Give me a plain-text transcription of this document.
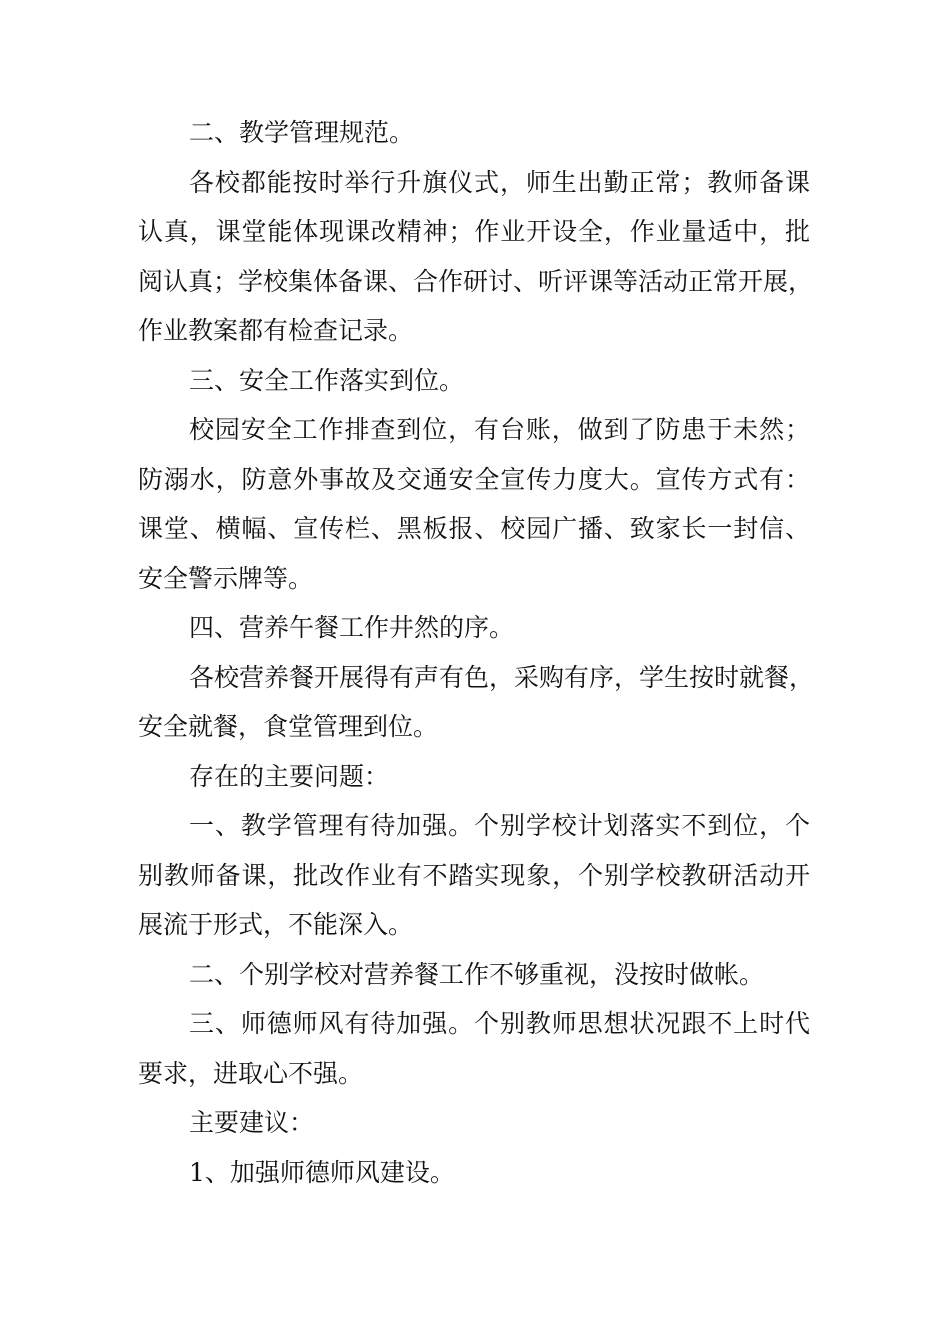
二、教学管理规范。
各校都能按时举行升旗仪式，师生出勤正常；教师备课
认真，课堂能体现课改精神；作业开设全，作业量适中，批
阅认真；学校集体备课、合作研讨、听评课等活动正常开展，
作业教案都有检查记录。
三、安全工作落实到位。
校园安全工作排查到位，有台账，做到了防患于未然；
防溺水，防意外事故及交通安全宣传力度大。宣传方式有：
课堂、横幅、宣传栏、黑板报、校园广播、致家长一封信、
安全警示牌等。
四、营养午餐工作井然的序。
各校营养餐开展得有声有色，采购有序，学生按时就餐，
安全就餐，食堂管理到位。
存在的主要问题：
一、教学管理有待加强。个别学校计划落实不到位，个
别教师备课，批改作业有不踏实现象，个别学校教研活动开
展流于形式，不能深入。
二、个别学校对营养餐工作不够重视，没按时做帐。
三、师德师风有待加强。个别教师思想状况跟不上时代
要求，进取心不强。
主要建议：
1、加强师德师风建设。
